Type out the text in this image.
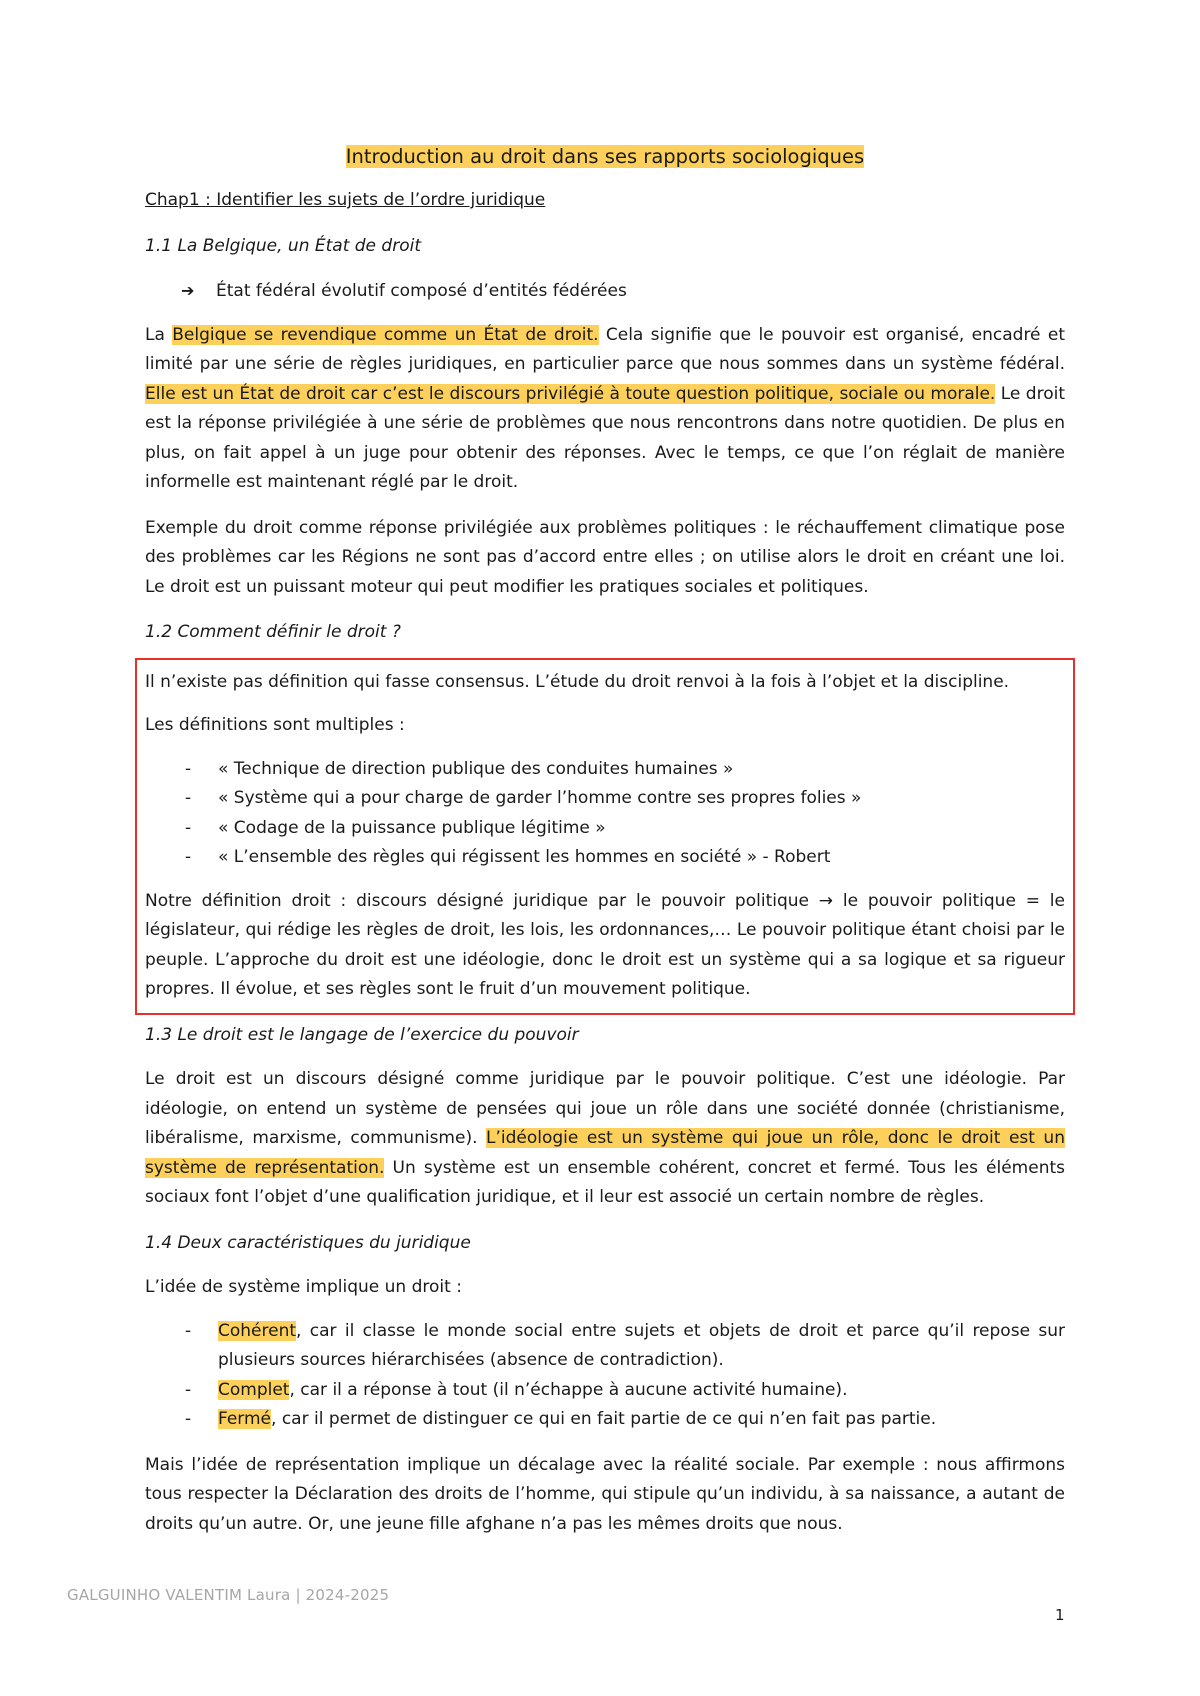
Introduction au droit dans ses rapports sociologiques

Chap1 : Identifier les sujets de l’ordre juridique

1.1 La Belgique, un État de droit

➔ État fédéral évolutif composé d’entités fédérées

La Belgique se revendique comme un État de droit. Cela signifie que le pouvoir est organisé, encadré et limité par une série de règles juridiques, en particulier parce que nous sommes dans un système fédéral. Elle est un État de droit car c’est le discours privilégié à toute question politique, sociale ou morale. Le droit est la réponse privilégiée à une série de problèmes que nous rencontrons dans notre quotidien. De plus en plus, on fait appel à un juge pour obtenir des réponses. Avec le temps, ce que l’on réglait de manière informelle est maintenant réglé par le droit.

Exemple du droit comme réponse privilégiée aux problèmes politiques : le réchauffement climatique pose des problèmes car les Régions ne sont pas d’accord entre elles ; on utilise alors le droit en créant une loi. Le droit est un puissant moteur qui peut modifier les pratiques sociales et politiques.

1.2 Comment définir le droit ?

Il n’existe pas définition qui fasse consensus. L’étude du droit renvoi à la fois à l’objet et la discipline.

Les définitions sont multiples :

- « Technique de direction publique des conduites humaines »
- « Système qui a pour charge de garder l’homme contre ses propres folies »
- « Codage de la puissance publique légitime »
- « L’ensemble des règles qui régissent les hommes en société » - Robert

Notre définition droit : discours désigné juridique par le pouvoir politique → le pouvoir politique = le législateur, qui rédige les règles de droit, les lois, les ordonnances,… Le pouvoir politique étant choisi par le peuple. L’approche du droit est une idéologie, donc le droit est un système qui a sa logique et sa rigueur propres. Il évolue, et ses règles sont le fruit d’un mouvement politique.

1.3 Le droit est le langage de l’exercice du pouvoir

Le droit est un discours désigné comme juridique par le pouvoir politique. C’est une idéologie. Par idéologie, on entend un système de pensées qui joue un rôle dans une société donnée (christianisme, libéralisme, marxisme, communisme). L’idéologie est un système qui joue un rôle, donc le droit est un système de représentation. Un système est un ensemble cohérent, concret et fermé. Tous les éléments sociaux font l’objet d’une qualification juridique, et il leur est associé un certain nombre de règles.

1.4 Deux caractéristiques du juridique

L’idée de système implique un droit :

- Cohérent, car il classe le monde social entre sujets et objets de droit et parce qu’il repose sur plusieurs sources hiérarchisées (absence de contradiction).
- Complet, car il a réponse à tout (il n’échappe à aucune activité humaine).
- Fermé, car il permet de distinguer ce qui en fait partie de ce qui n’en fait pas partie.

Mais l’idée de représentation implique un décalage avec la réalité sociale. Par exemple : nous affirmons tous respecter la Déclaration des droits de l’homme, qui stipule qu’un individu, à sa naissance, a autant de droits qu’un autre. Or, une jeune fille afghane n’a pas les mêmes droits que nous.

GALGUINHO VALENTIM Laura | 2024-2025
1
